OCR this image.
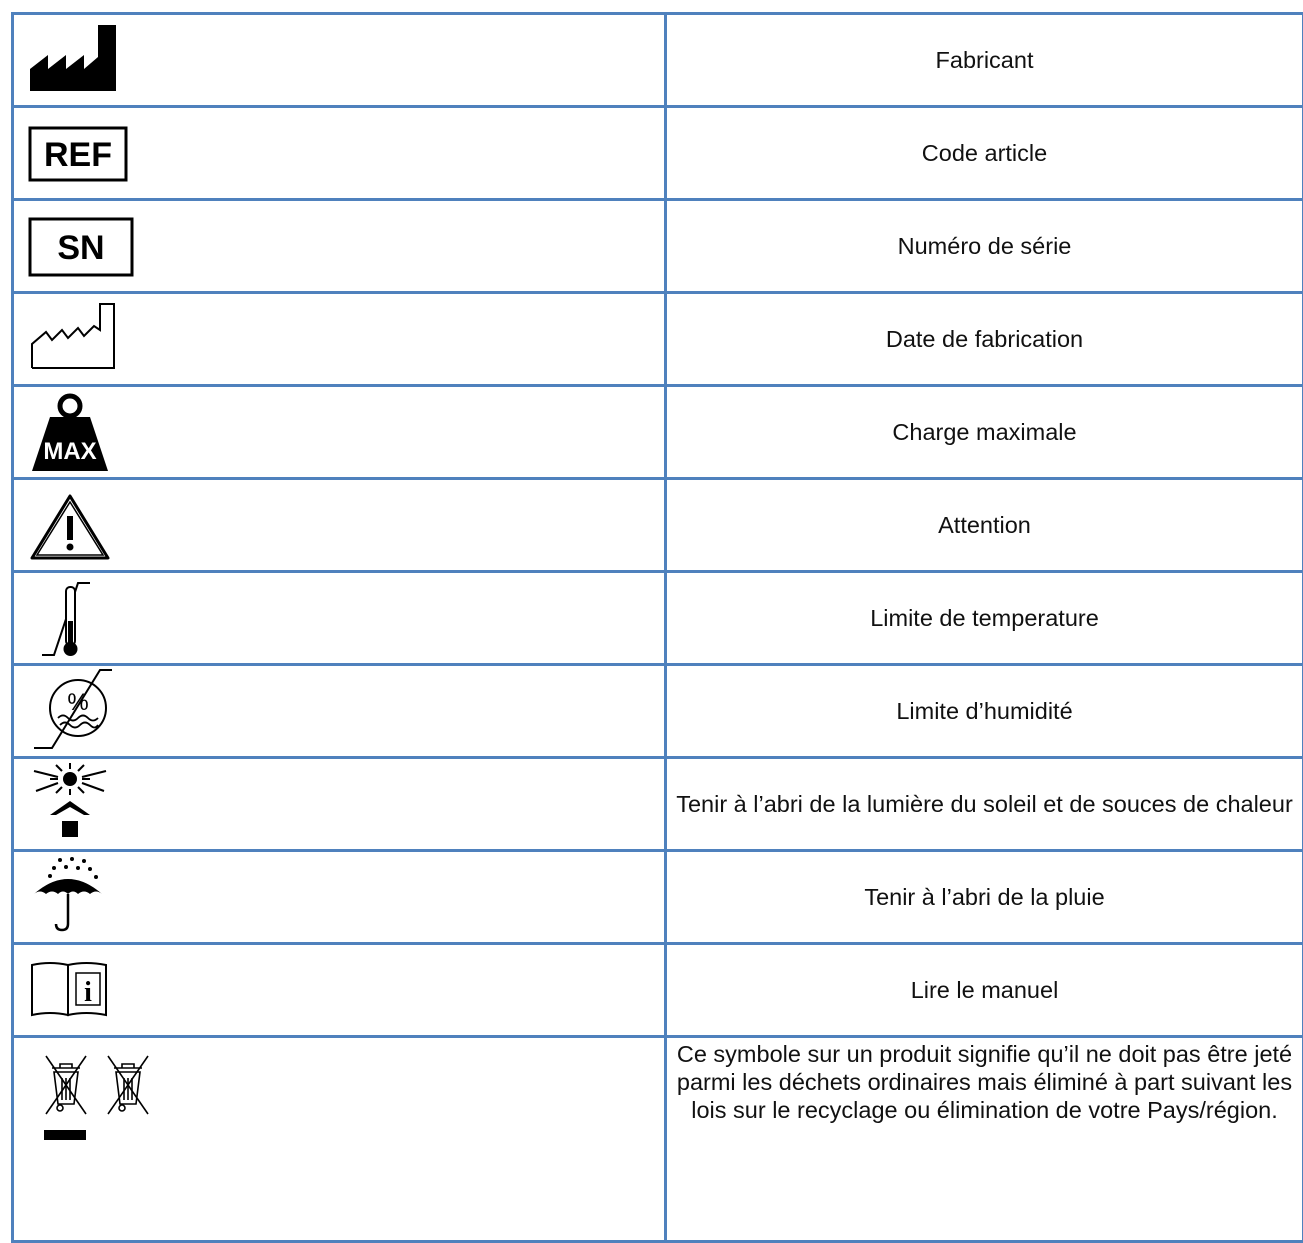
	Fabricant

REF	Code article

SN	Numéro de série

	Date de fabrication

MAX	Charge maximale

	Attention

	Limite de temperature

%	Limite d’humidité

	Tenir à l’abri de la lumière du soleil et de souces de chaleur

	Tenir à l’abri de la pluie

i	Lire le manuel

	Ce symbole sur un produit signifie qu’il ne doit pas être jeté parmi les déchets ordinaires mais éliminé à part suivant les lois sur le recyclage ou élimination de votre Pays/région.
